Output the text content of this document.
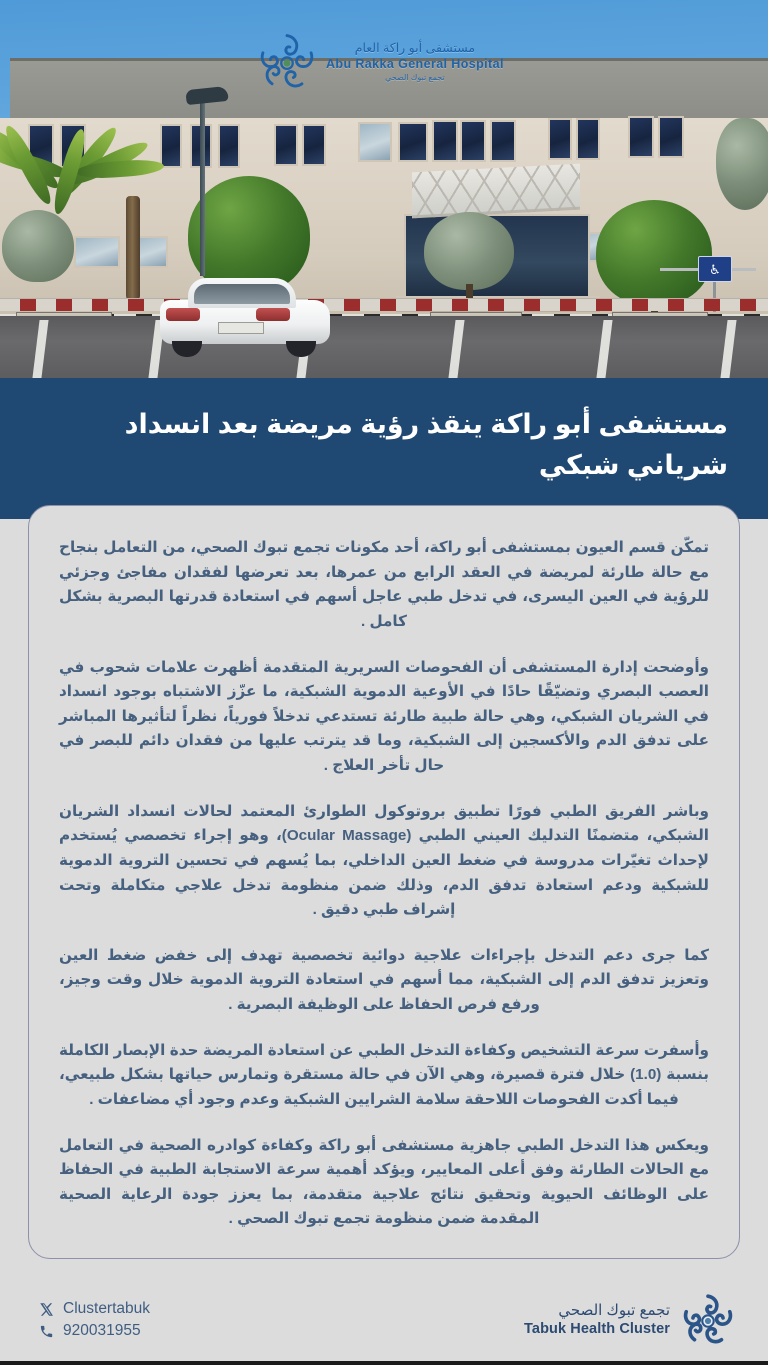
♿
مستشفى أبو راكة العام
Abu Rakka General Hospital
تجمع تبوك الصحي
مستشفى أبو راكة ينقذ رؤية مريضة بعد انسداد شرياني شبكي

تمكّن قسم العيون بمستشفى أبو راكة، أحد مكونات تجمع تبوك الصحي، من التعامل بنجاح مع حالة طارئة لمريضة في العقد الرابع من عمرها، بعد تعرضها لفقدان مفاجئ وجزئي للرؤية في العين اليسرى، في تدخل طبي عاجل أسهم في استعادة قدرتها البصرية بشكل كامل .

وأوضحت إدارة المستشفى أن الفحوصات السريرية المتقدمة أظهرت علامات شحوب في العصب البصري وتضيّقًا حادًا في الأوعية الدموية الشبكية، ما عزّز الاشتباه بوجود انسداد في الشريان الشبكي، وهي حالة طبية طارئة تستدعي تدخلاً فورياً، نظراً لتأثيرها المباشر على تدفق الدم والأكسجين إلى الشبكية، وما قد يترتب عليها من فقدان دائم للبصر في حال تأخر العلاج .

وباشر الفريق الطبي فورًا تطبيق بروتوكول الطوارئ المعتمد لحالات انسداد الشريان الشبكي، متضمنًا التدليك العيني الطبي (Ocular Massage)، وهو إجراء تخصصي يُستخدم لإحداث تغيّرات مدروسة في ضغط العين الداخلي، بما يُسهم في تحسين التروية الدموية للشبكية ودعم استعادة تدفق الدم، وذلك ضمن منظومة تدخل علاجي متكاملة وتحت إشراف طبي دقيق .

كما جرى دعم التدخل بإجراءات علاجية دوائية تخصصية تهدف إلى خفض ضغط العين وتعزيز تدفق الدم إلى الشبكية، مما أسهم في استعادة التروية الدموية خلال وقت وجيز، ورفع فرص الحفاظ على الوظيفة البصرية .

وأسفرت سرعة التشخيص وكفاءة التدخل الطبي عن استعادة المريضة حدة الإبصار الكاملة بنسبة (1.0) خلال فترة قصيرة، وهي الآن في حالة مستقرة وتمارس حياتها بشكل طبيعي، فيما أكدت الفحوصات اللاحقة سلامة الشرايين الشبكية وعدم وجود أي مضاعفات .

ويعكس هذا التدخل الطبي جاهزية مستشفى أبو راكة وكفاءة كوادره الصحية في التعامل مع الحالات الطارئة وفق أعلى المعايير، ويؤكد أهمية سرعة الاستجابة الطبية في الحفاظ على الوظائف الحيوية وتحقيق نتائج علاجية متقدمة، بما يعزز جودة الرعاية الصحية المقدمة ضمن منظومة تجمع تبوك الصحي .

Clustertabuk
920031955
تجمع تبوك الصحي
Tabuk Health Cluster
